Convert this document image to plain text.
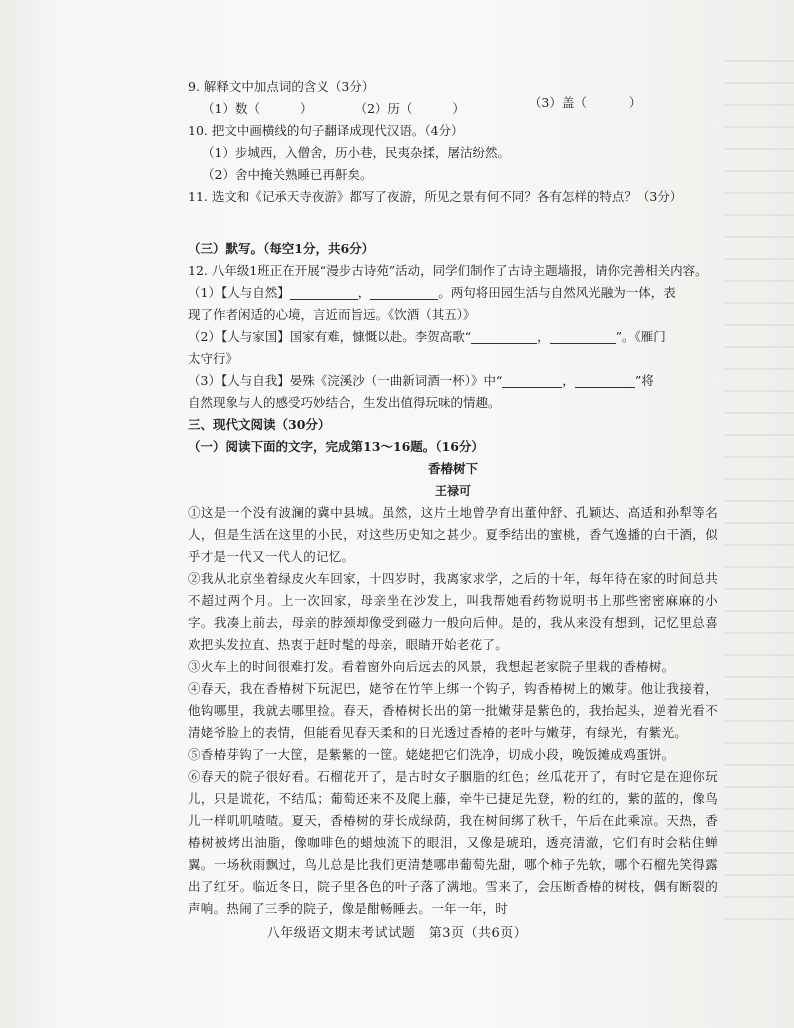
9. 解释文中加点词的含义（3分）
（1）数（	）	（2）历（	）	（3）盖（	）
10. 把文中画横线的句子翻译成现代汉语。（4分）
（1）步城西，入僧舍，历小巷，民夷杂揉，屠沽纷然。
（2）舍中掩关熟睡已再鼾矣。
11. 选文和《记承天寺夜游》都写了夜游，所见之景有何不同？各有怎样的特点？（3分）
（三）默写。（每空1分，共6分）
12. 八年级1班正在开展“漫步古诗苑”活动，同学们制作了古诗主题墙报，请你完善相关内容。
（1）【人与自然】	，	。两句将田园生活与自然风光融为一体，表
现了作者闲适的心境，言近而旨远。《饮酒（其五）》
（2）【人与家国】国家有难，慷慨以赴。李贺高歌“	，	”。《雁门
太守行》
（3）【人与自我】晏殊《浣溪沙（一曲新词酒一杯）》中“	，	”将
自然现象与人的感受巧妙结合，生发出值得玩味的情趣。
三、现代文阅读（30分）
（一）阅读下面的文字，完成第13～16题。（16分）
香椿树下
王禄可
①这是一个没有波澜的冀中县城。虽然，这片土地曾孕育出董仲舒、孔颖达、高适和孙犁等名人，但是生活在这里的小民，对这些历史知之甚少。夏季结出的蜜桃，香气逸播的白干酒，似乎才是一代又一代人的记忆。
②我从北京坐着绿皮火车回家，十四岁时，我离家求学，之后的十年，每年待在家的时间总共不超过两个月。上一次回家，母亲坐在沙发上，叫我帮她看药物说明书上那些密密麻麻的小字。我凑上前去，母亲的脖颈却像受到磁力一般向后伸。是的，我从来没有想到，记忆里总喜欢把头发拉直、热衷于赶时髦的母亲，眼睛开始老花了。
③火车上的时间很难打发。看着窗外向后远去的风景，我想起老家院子里栽的香椿树。
④春天，我在香椿树下玩泥巴，姥爷在竹竿上绑一个钩子，钩香椿树上的嫩芽。他让我接着，他钩哪里，我就去哪里捡。春天，香椿树长出的第一批嫩芽是紫色的，我抬起头，逆着光看不清姥爷脸上的表情，但能看见春天柔和的日光透过香椿的老叶与嫩芽，有绿光，有紫光。
⑤香椿芽钩了一大筐，是紫紫的一筐。姥姥把它们洗净，切成小段，晚饭摊成鸡蛋饼。
⑥春天的院子很好看。石榴花开了，是古时女子胭脂的红色；丝瓜花开了，有时它是在迎你玩儿，只是谎花，不结瓜；葡萄还来不及爬上藤，牵牛已捷足先登，粉的红的，紫的蓝的，像鸟儿一样叽叽喳喳。夏天，香椿树的芽长成绿荫，我在树间绑了秋千，午后在此乘凉。天热，香椿树被烤出油脂，像咖啡色的蜡烛流下的眼泪，又像是琥珀，透亮清澈，它们有时会粘住蝉翼。一场秋雨飘过，鸟儿总是比我们更清楚哪串葡萄先甜，哪个柿子先软，哪个石榴先笑得露出了红牙。临近冬日，院子里各色的叶子落了满地。雪来了，会压断香椿的树枝，偶有断裂的声响。热闹了三季的院子，像是酣畅睡去。一年一年，时
八年级语文期末考试试题　第3页（共6页）
